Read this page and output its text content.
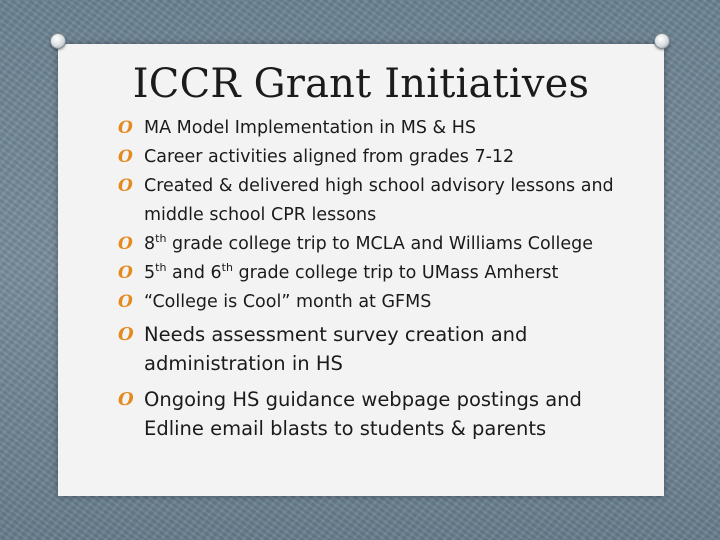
ICCR Grant Initiatives
O MA Model Implementation in MS & HS
O Career activities aligned from grades 7-12
O Created & delivered high school advisory lessons and middle school CPR lessons
O 8th grade college trip to MCLA and Williams College
O 5th and 6th grade college trip to UMass Amherst
O “College is Cool” month at GFMS
O Needs assessment survey creation and administration in HS
O Ongoing HS guidance webpage postings and Edline email blasts to students & parents
